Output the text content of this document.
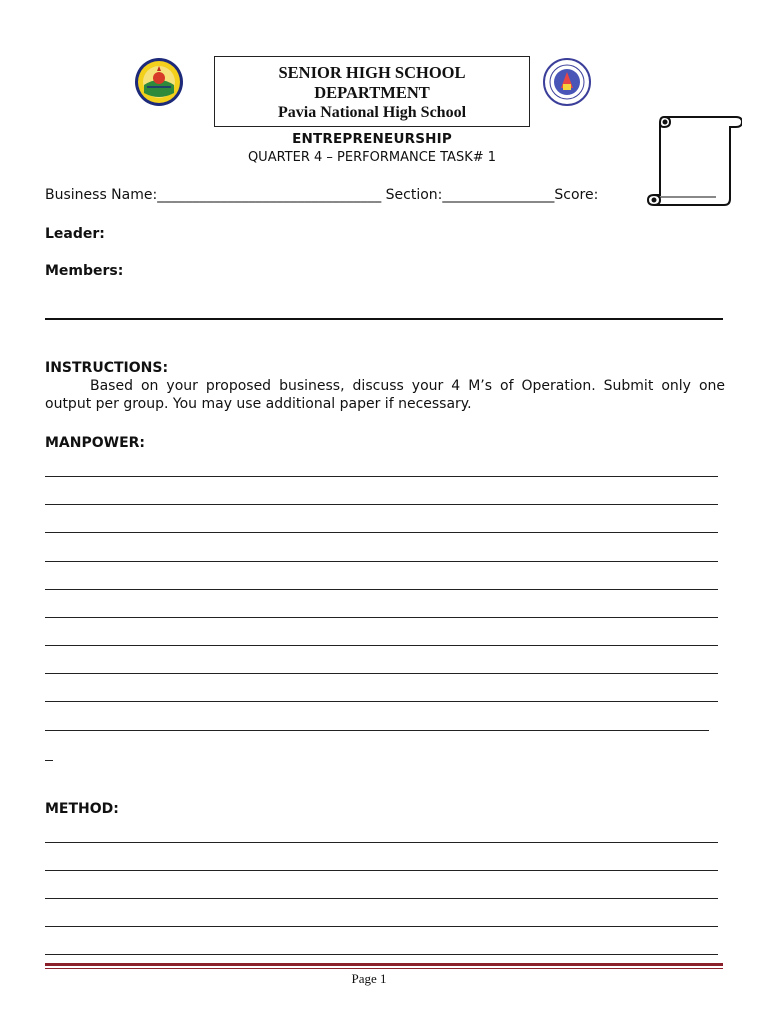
SENIOR HIGH SCHOOL
DEPARTMENT
Pavia National High School
ENTREPRENEURSHIP
QUARTER 4 – PERFORMANCE TASK# 1
Business Name:________________________________ Section:________________Score:
Leader:
Members:
INSTRUCTIONS:
Based on your proposed business, discuss your 4 M’s of Operation. Submit only one output per group. You may use additional paper if necessary.
MANPOWER:
METHOD:
Page 1
